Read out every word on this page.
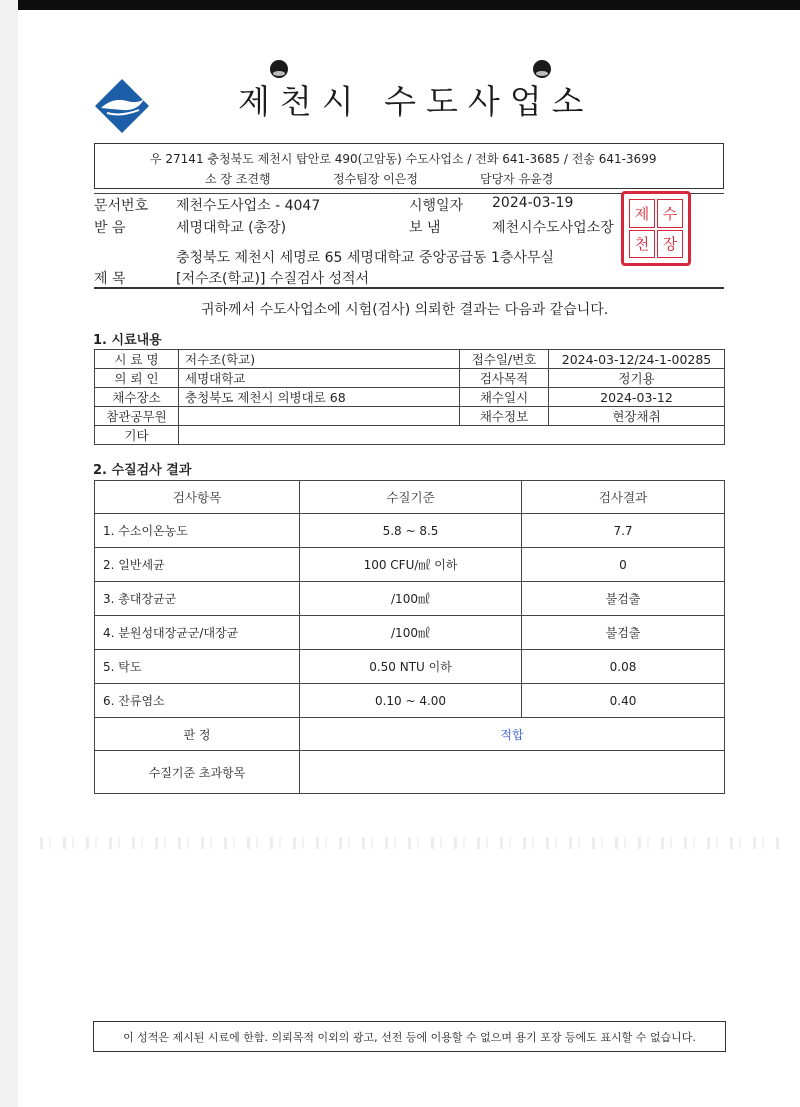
제천시 수도사업소
우 27141 충청북도 제천시 탑안로 490(고암동) 수도사업소 / 전화 641-3685 / 전송 641-3699
소 장 조견행	정수팀장 이은정	담당자 유윤경
문서번호 제천수도사업소 - 4047	시행일자 2024-03-19
받 음	세명대학교 (총장)	보 냄	제천시수도사업소장
제 수
천 장
충청북도 제천시 세명로 65 세명대학교 중앙공급동 1층사무실
제 목	[저수조(학교)] 수질검사 성적서
귀하께서 수도사업소에 시험(검사) 의뢰한 결과는 다음과 같습니다.
1. 시료내용
시 료 명	저수조(학교)	접수일/번호	2024-03-12/24-1-00285
의 뢰 인	세명대학교	검사목적	정기용
채수장소	충청북도 제천시 의병대로 68	채수일시	2024-03-12
참관공무원		채수정보	현장채취
기타			
2. 수질검사 결과
검사항목	수질기준	검사결과
1. 수소이온농도	5.8 ~ 8.5	7.7
2. 일반세균	100 CFU/㎖ 이하	0
3. 총대장균군	/100㎖	불검출
4. 분원성대장균군/대장균	/100㎖	불검출
5. 탁도	0.50 NTU 이하	0.08
6. 잔류염소	0.10 ~ 4.00	0.40
판 정	적합	
수질기준 초과항목		
이 성적은 제시된 시료에 한함. 의뢰목적 이외의 광고, 선전 등에 이용할 수 없으며 용기 포장 등에도 표시할 수 없습니다.
